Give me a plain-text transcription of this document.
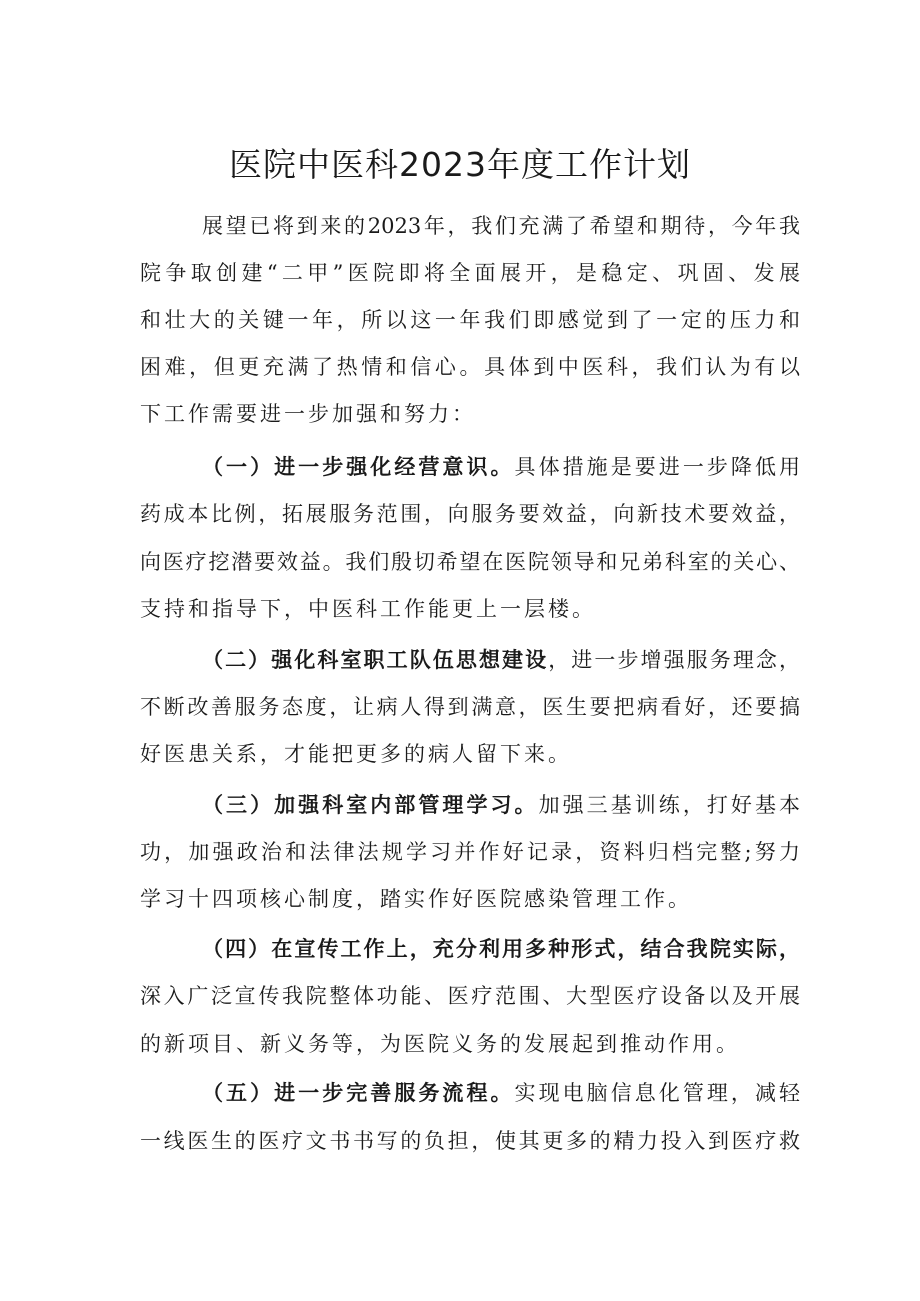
医院中医科2023年度工作计划

展望已将到来的2023年，我们充满了希望和期待，今年我

院争取创建“二甲”医院即将全面展开，是稳定、巩固、发展

和壮大的关键一年，所以这一年我们即感觉到了一定的压力和

困难，但更充满了热情和信心。具体到中医科，我们认为有以

下工作需要进一步加强和努力：

（一）进一步强化经营意识。具体措施是要进一步降低用

药成本比例，拓展服务范围，向服务要效益，向新技术要效益，

向医疗挖潜要效益。我们殷切希望在医院领导和兄弟科室的关心、

支持和指导下，中医科工作能更上一层楼。

（二）强化科室职工队伍思想建设，进一步增强服务理念，

不断改善服务态度，让病人得到满意，医生要把病看好，还要搞

好医患关系，才能把更多的病人留下来。

（三）加强科室内部管理学习。加强三基训练，打好基本

功，加强政治和法律法规学习并作好记录，资料归档完整;努力

学习十四项核心制度，踏实作好医院感染管理工作。

（四）在宣传工作上，充分利用多种形式，结合我院实际，

深入广泛宣传我院整体功能、医疗范围、大型医疗设备以及开展

的新项目、新义务等，为医院义务的发展起到推动作用。

（五）进一步完善服务流程。实现电脑信息化管理，减轻

一线医生的医疗文书书写的负担，使其更多的精力投入到医疗救
